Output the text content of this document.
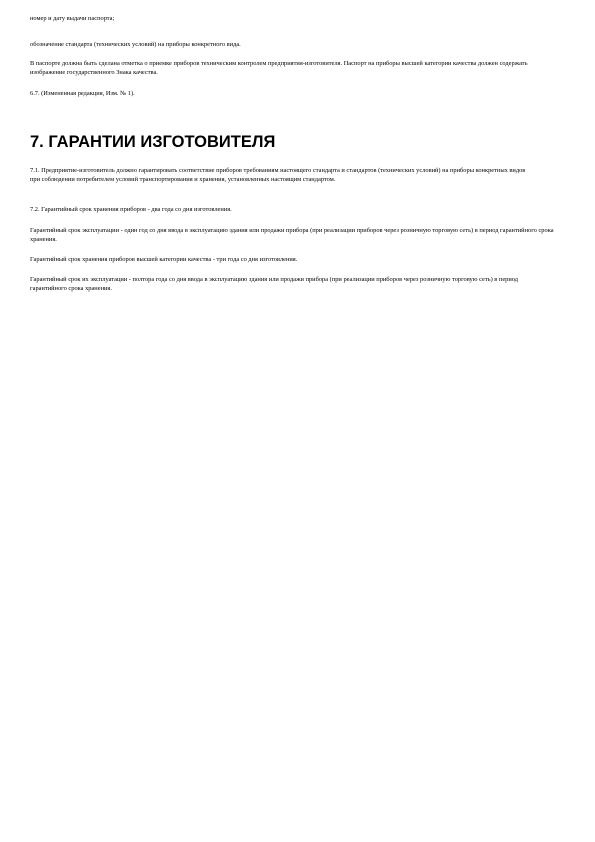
номер и дату выдачи паспорта;

обозначение стандарта (технических условий) на приборы конкретного вида.

В паспорте должна быть сделана отметка о приемке приборов техническим контролем предприятия-изготовителя. Паспорт на приборы высшей категории качества должен содержать изображение государственного Знака качества.

6.7. (Измененная редакция, Изм. № 1).

7. ГАРАНТИИ ИЗГОТОВИТЕЛЯ

7.1. Предприятие-изготовитель должно гарантировать соответствие приборов требованиям настоящего стандарта и стандартов (технических условий) на приборы конкретных видов при соблюдении потребителем условий транспортирования и хранения, установленных настоящим стандартом.

7.2. Гарантийный срок хранения приборов - два года со дня изготовления.

Гарантийный срок эксплуатации - один год со дня ввода в эксплуатацию здания или продажи прибора (при реализации приборов через розничную торговую сеть) в период гарантийного срока хранения.

Гарантийный срок хранения приборов высшей категории качества - три года со дня изготовления.

Гарантийный срок их эксплуатации - полтора года со дня ввода в эксплуатацию здания или продажи прибора (при реализации приборов через розничную торговую сеть) в период гарантийного срока хранения.
